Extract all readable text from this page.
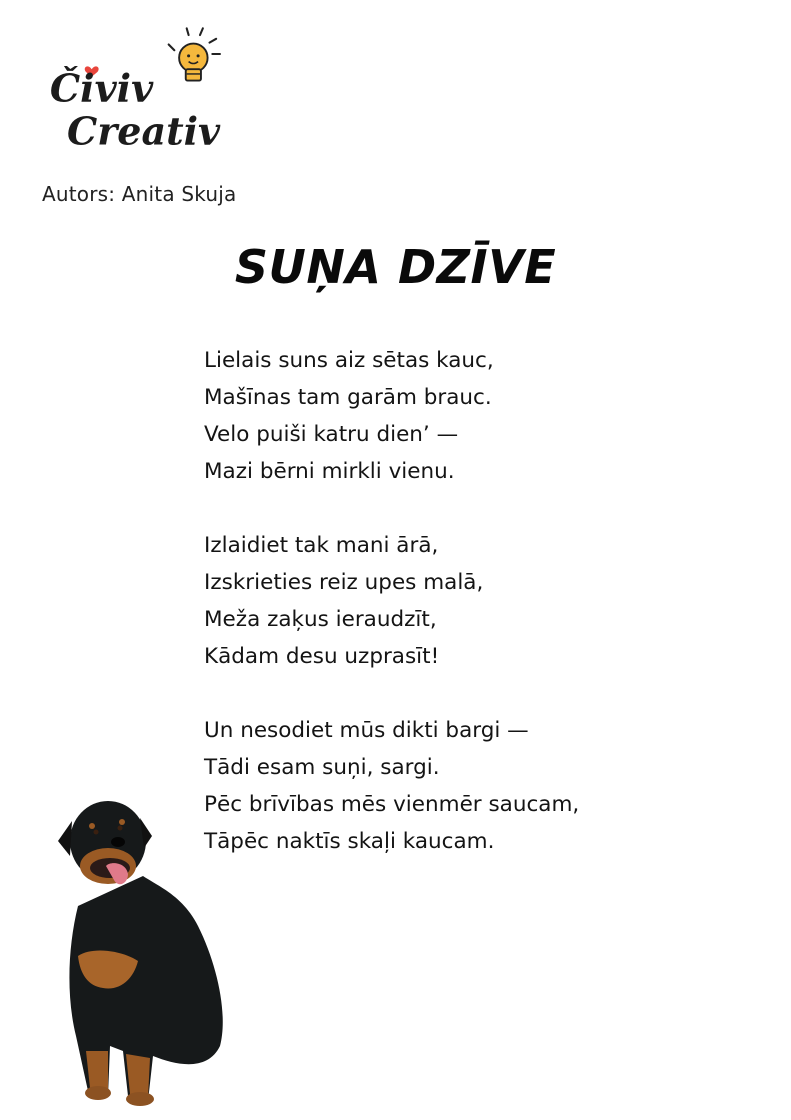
Čiviv
Creativ
Autors: Anita Skuja
SUŅA DZĪVE
Lielais suns aiz sētas kauc,
Mašīnas tam garām brauc.
Velo puiši katru dien’ —
Mazi bērni mirkli vienu.
Izlaidiet tak mani ārā,
Izskrieties reiz upes malā,
Meža zaķus ieraudzīt,
Kādam desu uzprasīt!
Un nesodiet mūs dikti bargi —
Tādi esam suņi, sargi.
Pēc brīvības mēs vienmēr saucam,
Tāpēc naktīs skaļi kaucam.
